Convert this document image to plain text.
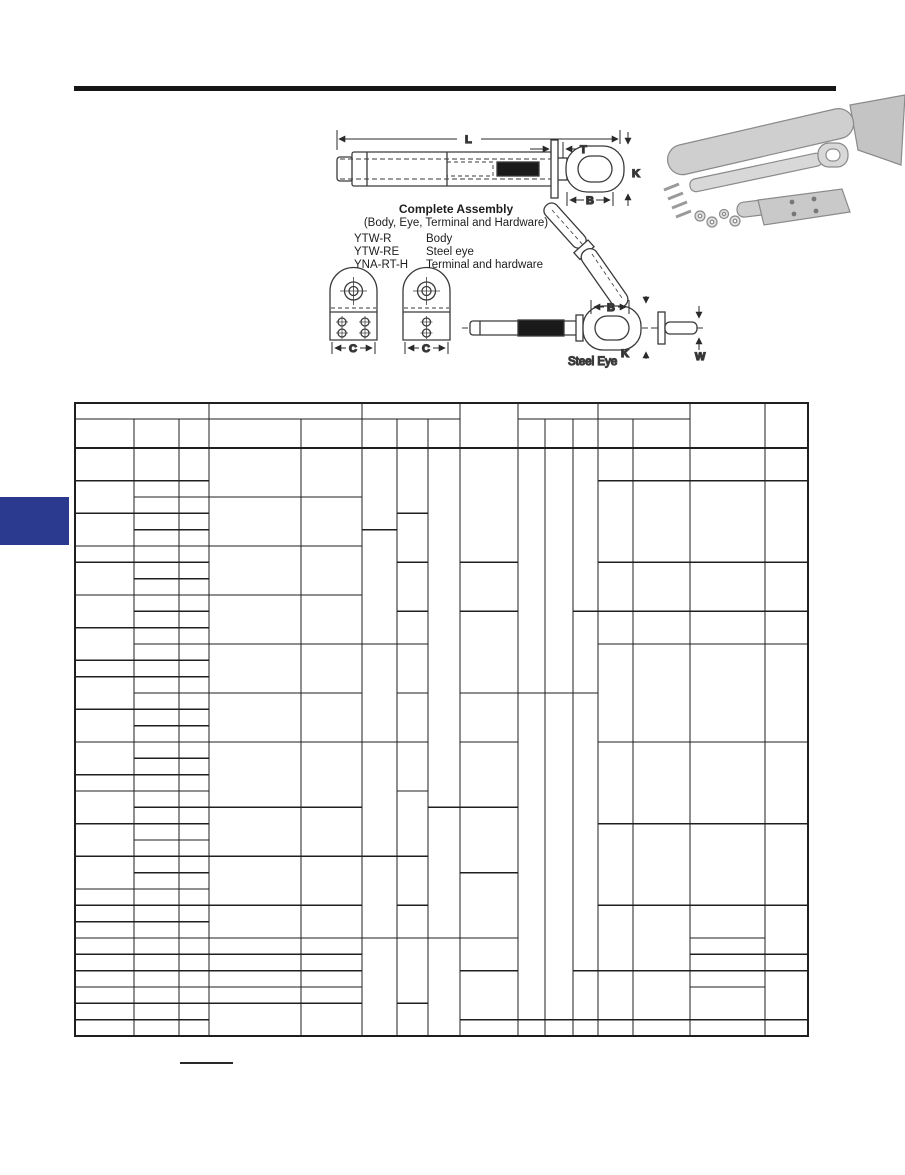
L
T
K
B
C	C
B
K
Steel Eye	W
Complete Assembly
(Body, Eye, Terminal and Hardware)
YTW-R	Body
YTW-RE	Steel eye
YNA-RT-H	Terminal and hardware
